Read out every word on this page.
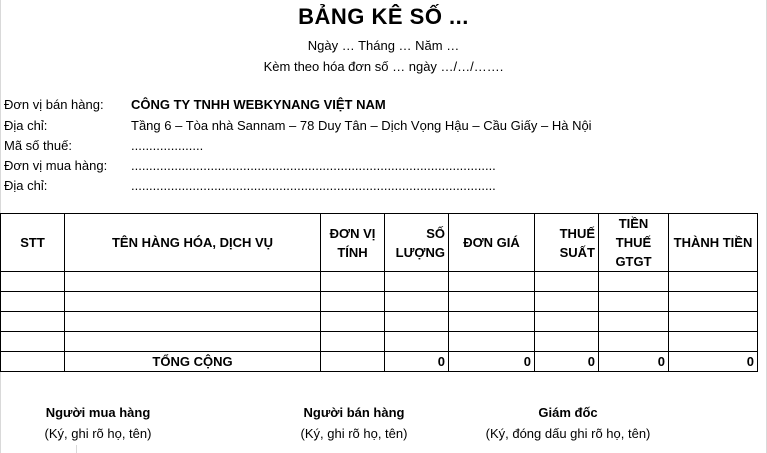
BẢNG KÊ SỐ ...
Ngày … Tháng … Năm …
Kèm theo hóa đơn số … ngày …/…/…….
Đơn vị bán hàng: CÔNG TY TNHH WEBKYNANG VIỆT NAM
Địa chỉ:	Tầng 6 – Tòa nhà Sannam – 78 Duy Tân – Dịch Vọng Hậu – Cầu Giấy – Hà Nội
Mã số thuế:	....................
Đơn vị mua hàng: .....................................................................................................
Địa chỉ:	.....................................................................................................
STT	TÊN HÀNG HÓA, DỊCH VỤ	ĐƠN VỊ TÍNH	SỐ LƯỢNG	ĐƠN GIÁ	THUẾ SUẤT	TIỀN THUẾ GTGT	THÀNH TIỀN

	TỔNG CỘNG		0	0	0	0	0
Người mua hàng
(Ký, ghi rõ họ, tên)
Người bán hàng
(Ký, ghi rõ họ, tên)
Giám đốc
(Ký, đóng dấu ghi rõ họ, tên)
